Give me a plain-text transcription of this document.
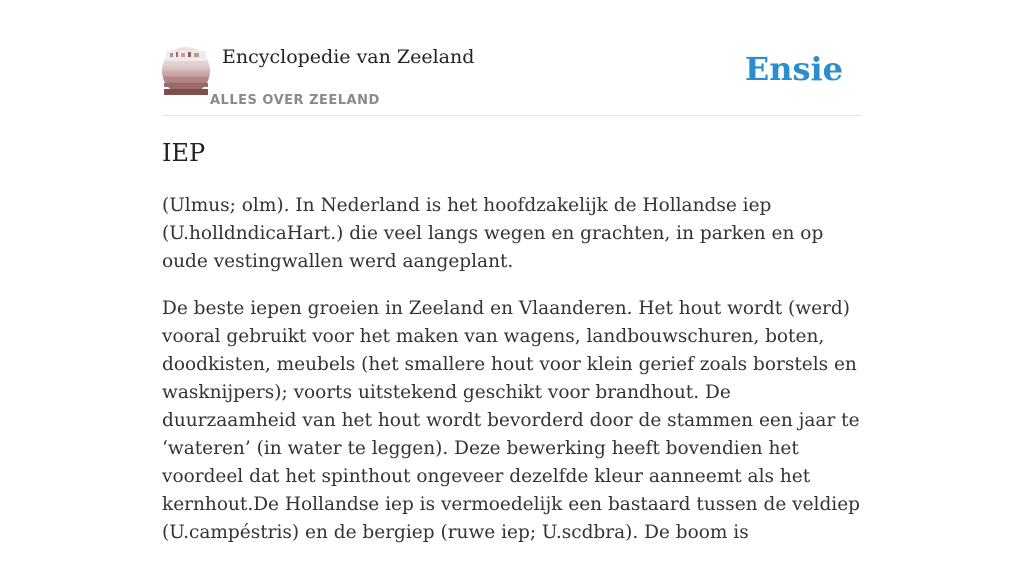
Encyclopedie van Zeeland
ALLES OVER ZEELAND
Ensie
IEP

(Ulmus; olm). In Nederland is het hoofdzakelijk de Hollandse iep (U.holldndicaHart.) die veel langs wegen en grachten, in parken en op oude vestingwallen werd aangeplant.

De beste iepen groeien in Zeeland en Vlaanderen. Het hout wordt (werd) vooral gebruikt voor het maken van wagens, landbouwschuren, boten, doodkisten, meubels (het smallere hout voor klein gerief zoals borstels en wasknijpers); voorts uitstekend geschikt voor brandhout. De duurzaamheid van het hout wordt bevorderd door de stammen een jaar te ‘wateren’ (in water te leggen). Deze bewerking heeft bovendien het voordeel dat het spinthout ongeveer dezelfde kleur aanneemt als het kernhout.De Hollandse iep is vermoedelijk een bastaard tussen de veldiep (U.campéstris) en de bergiep (ruwe iep; U.scdbra). De boom is
